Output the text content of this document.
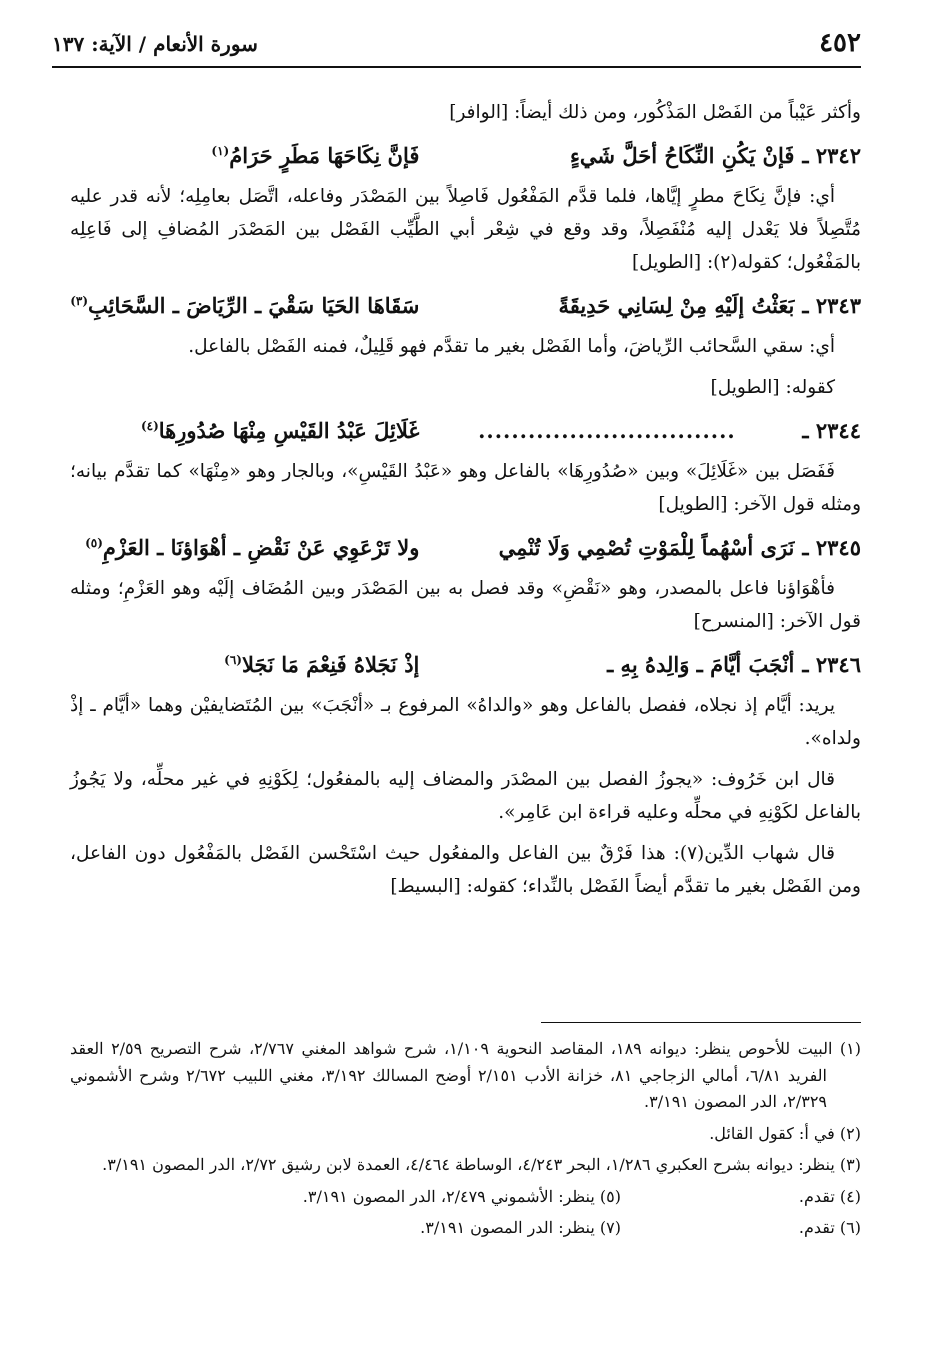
٤٥٢
سورة الأنعام / الآية: ١٣٧

وأكثر عَيْباً من الفَصْل المَذْكُور، ومن ذلك أيضاً: [الوافر]

٢٣٤٢ ـ
فَإنْ يَكُنِ النِّكَاحُ أحَلَّ شَيءٍ
فَإنَّ نِكَاحَهَا مَطَرٍ حَرَامُ$^{(١)}$

أي: فإنَّ نِكَاحَ مطرٍ إيَّاها، فلما قدَّم المَفْعُول فَاصِلاً بين المَصْدَر وفاعله، اتَّصَل بعامِلِه؛ لأنه قدر عليه مُتَّصِلاً فلا يَعْدل إليه مُنْفَصِلاً، وقد وقع في شِعْر أبي الطَّيِّب الفَصْل بين المَصْدَر المُضافِ إلى فَاعِلِه بالمَفْعُول؛ كقوله(٢): [الطويل]

٢٣٤٣ ـ
بَعَثْتُ إلَيْهِ مِنْ لِسَانِي حَدِيقَةً
سَقَاهَا الحَيَا سَقْيَ ـ الرِّيَاضَ ـ السَّحَائِبِ$^{(٣)}$

أي: سقي السَّحائب الرِّياضَ، وأما الفَصْل بغير ما تقدَّم فهو قَلِيلٌ، فمنه الفَصْل بالفاعل.

كقوله: [الطويل]

٢٣٤٤ ـ
...............................
غَلَائِلَ عَبْدُ القَيْسِ مِنْهَا صُدُورِهَا$^{(٤)}$

فَفَصَل بين «غَلَائِلَ» وبين «صُدُورِهَا» بالفاعل وهو «عَبْدُ القَيْسِ»، وبالجار وهو «مِنْهَا» كما تقدَّم بيانه؛ ومثله قول الآخر: [الطويل]

٢٣٤٥ ـ
نَرَى أسْهُماً لِلْمَوْتِ تُصْمِي وَلَا تُنْمِي
ولا تَرْعَوِي عَنْ نَقْضِ ـ أهْوَاؤنَا ـ العَزْمِ$^{(٥)}$

فأهْوَاؤنا فاعل بالمصدر، وهو «نَقْضِ» وقد فصل به بين المَصْدَر وبين المُضَاف إلَيْه وهو العَزْمِ؛ ومثله قول الآخر: [المنسرح]

٢٣٤٦ ـ
أنْجَبَ أيَّامَ ـ وَالِدهُ بِهِ ـ
إذْ نَجَلاهُ فَنِعْمَ مَا نَجَلا$^{(٦)}$

يريد: أيَّام إذ نجلاه، ففصل بالفاعل وهو «والداهُ» المرفوع بـ «أنْجَبَ» بين المُتَضايفيْن وهما «أيَّام ـ إذْ ولداه».

قال ابن خَرُوف: «يجوزُ الفصل بين المصْدَر والمضاف إليه بالمفعُول؛ لِكَوْنِهِ في غير محلِّه، ولا يَجُوزُ بالفاعل لكَوْنِهِ في محلِّه وعليه قراءة ابن عَامِر».

قال شهاب الدِّين(٧): هذا فَرْقٌ بين الفاعل والمفعُول حيث اسْتَحْسن الفَصْل بالمَفْعُول دون الفاعل، ومن الفَصْل بغير ما تقدَّم أيضاً الفَصْل بالنِّداء؛ كقوله: [البسيط]

(١) البيت للأحوص ينظر: ديوانه ١٨٩، المقاصد النحوية ١/١٠٩، شرح شواهد المغني ٢/٧٦٧، شرح التصريح ٢/٥٩ العقد الفريد ٦/٨١، أمالي الزجاجي ٨١، خزانة الأدب ٢/١٥١ أوضح المسالك ٣/١٩٢، مغني اللبيب ٢/٦٧٢ وشرح الأشموني ٢/٣٢٩، الدر المصون ٣/١٩١.

(٢) في أ: كقول القائل.

(٣) ينظر: ديوانه بشرح العكبري ١/٢٨٦، البحر ٤/٢٤٣، الوساطة ٤/٤٦٤، العمدة لابن رشيق ٢/٧٢، الدر المصون ٣/١٩١.

(٤) تقدم.
(٥) ينظر: الأشموني ٢/٤٧٩، الدر المصون ٣/١٩١.
(٦) تقدم.
(٧) ينظر: الدر المصون ٣/١٩١.
